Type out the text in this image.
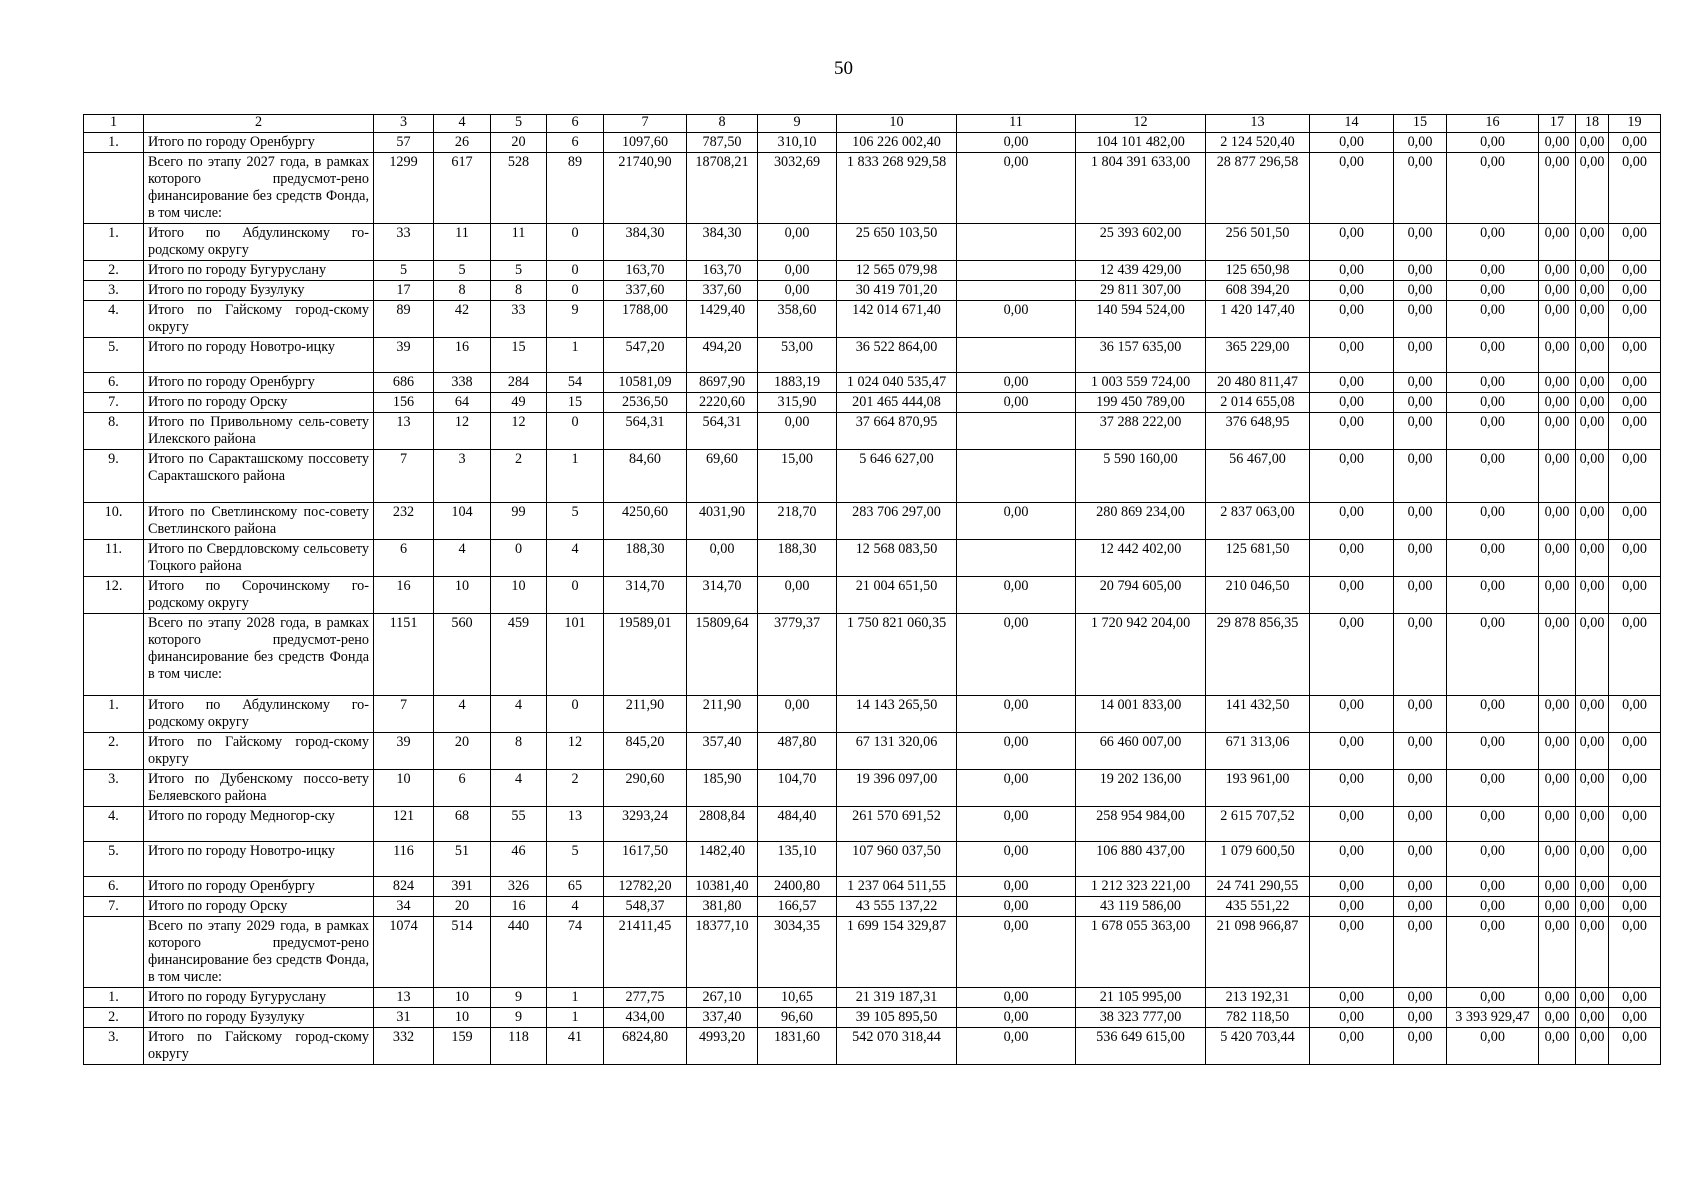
50
1	2	3	4	5	6	7	8	9	10	11	12	13	14	15	16	17	18	19
1.	Итого по городу Оренбургу	57	26	20	6	1097,60	787,50	310,10	106 226 002,40	0,00	104 101 482,00	2 124 520,40	0,00	0,00	0,00	0,00	0,00	0,00
	Всего по этапу 2027 года, в рамках которого предусмот-рено финансирование без средств Фонда, в том числе:	1299	617	528	89	21740,90	18708,21	3032,69	1 833 268 929,58	0,00	1 804 391 633,00	28 877 296,58	0,00	0,00	0,00	0,00	0,00	0,00
1.	Итого по Абдулинскому го-родскому округу	33	11	11	0	384,30	384,30	0,00	25 650 103,50		25 393 602,00	256 501,50	0,00	0,00	0,00	0,00	0,00	0,00
2.	Итого по городу Бугуруслану	5	5	5	0	163,70	163,70	0,00	12 565 079,98		12 439 429,00	125 650,98	0,00	0,00	0,00	0,00	0,00	0,00
3.	Итого по городу Бузулуку	17	8	8	0	337,60	337,60	0,00	30 419 701,20		29 811 307,00	608 394,20	0,00	0,00	0,00	0,00	0,00	0,00
4.	Итого по Гайскому город-скому округу	89	42	33	9	1788,00	1429,40	358,60	142 014 671,40	0,00	140 594 524,00	1 420 147,40	0,00	0,00	0,00	0,00	0,00	0,00
5.	Итого по городу Новотро-ицку	39	16	15	1	547,20	494,20	53,00	36 522 864,00		36 157 635,00	365 229,00	0,00	0,00	0,00	0,00	0,00	0,00
6.	Итого по городу Оренбургу	686	338	284	54	10581,09	8697,90	1883,19	1 024 040 535,47	0,00	1 003 559 724,00	20 480 811,47	0,00	0,00	0,00	0,00	0,00	0,00
7.	Итого по городу Орску	156	64	49	15	2536,50	2220,60	315,90	201 465 444,08	0,00	199 450 789,00	2 014 655,08	0,00	0,00	0,00	0,00	0,00	0,00
8.	Итого по Привольному сель-совету Илекского района	13	12	12	0	564,31	564,31	0,00	37 664 870,95		37 288 222,00	376 648,95	0,00	0,00	0,00	0,00	0,00	0,00
9.	Итого по Саракташскому поссовету Саракташского района	7	3	2	1	84,60	69,60	15,00	5 646 627,00		5 590 160,00	56 467,00	0,00	0,00	0,00	0,00	0,00	0,00
10.	Итого по Светлинскому пос-совету Светлинского района	232	104	99	5	4250,60	4031,90	218,70	283 706 297,00	0,00	280 869 234,00	2 837 063,00	0,00	0,00	0,00	0,00	0,00	0,00
11.	Итого по Свердловскому сельсовету Тоцкого района	6	4	0	4	188,30	0,00	188,30	12 568 083,50		12 442 402,00	125 681,50	0,00	0,00	0,00	0,00	0,00	0,00
12.	Итого по Сорочинскому го-родскому округу	16	10	10	0	314,70	314,70	0,00	21 004 651,50	0,00	20 794 605,00	210 046,50	0,00	0,00	0,00	0,00	0,00	0,00
	Всего по этапу 2028 года, в рамках которого предусмот-рено финансирование без средств Фонда в том числе:	1151	560	459	101	19589,01	15809,64	3779,37	1 750 821 060,35	0,00	1 720 942 204,00	29 878 856,35	0,00	0,00	0,00	0,00	0,00	0,00
1.	Итого по Абдулинскому го-родскому округу	7	4	4	0	211,90	211,90	0,00	14 143 265,50	0,00	14 001 833,00	141 432,50	0,00	0,00	0,00	0,00	0,00	0,00
2.	Итого по Гайскому город-скому округу	39	20	8	12	845,20	357,40	487,80	67 131 320,06	0,00	66 460 007,00	671 313,06	0,00	0,00	0,00	0,00	0,00	0,00
3.	Итого по Дубенскому поссо-вету Беляевского района	10	6	4	2	290,60	185,90	104,70	19 396 097,00	0,00	19 202 136,00	193 961,00	0,00	0,00	0,00	0,00	0,00	0,00
4.	Итого по городу Медногор-ску	121	68	55	13	3293,24	2808,84	484,40	261 570 691,52	0,00	258 954 984,00	2 615 707,52	0,00	0,00	0,00	0,00	0,00	0,00
5.	Итого по городу Новотро-ицку	116	51	46	5	1617,50	1482,40	135,10	107 960 037,50	0,00	106 880 437,00	1 079 600,50	0,00	0,00	0,00	0,00	0,00	0,00
6.	Итого по городу Оренбургу	824	391	326	65	12782,20	10381,40	2400,80	1 237 064 511,55	0,00	1 212 323 221,00	24 741 290,55	0,00	0,00	0,00	0,00	0,00	0,00
7.	Итого по городу Орску	34	20	16	4	548,37	381,80	166,57	43 555 137,22	0,00	43 119 586,00	435 551,22	0,00	0,00	0,00	0,00	0,00	0,00
	Всего по этапу 2029 года, в рамках которого предусмот-рено финансирование без средств Фонда, в том числе:	1074	514	440	74	21411,45	18377,10	3034,35	1 699 154 329,87	0,00	1 678 055 363,00	21 098 966,87	0,00	0,00	0,00	0,00	0,00	0,00
1.	Итого по городу Бугуруслану	13	10	9	1	277,75	267,10	10,65	21 319 187,31	0,00	21 105 995,00	213 192,31	0,00	0,00	0,00	0,00	0,00	0,00
2.	Итого по городу Бузулуку	31	10	9	1	434,00	337,40	96,60	39 105 895,50	0,00	38 323 777,00	782 118,50	0,00	0,00	3 393 929,47	0,00	0,00	0,00
3.	Итого по Гайскому город-скому округу	332	159	118	41	6824,80	4993,20	1831,60	542 070 318,44	0,00	536 649 615,00	5 420 703,44	0,00	0,00	0,00	0,00	0,00	0,00
